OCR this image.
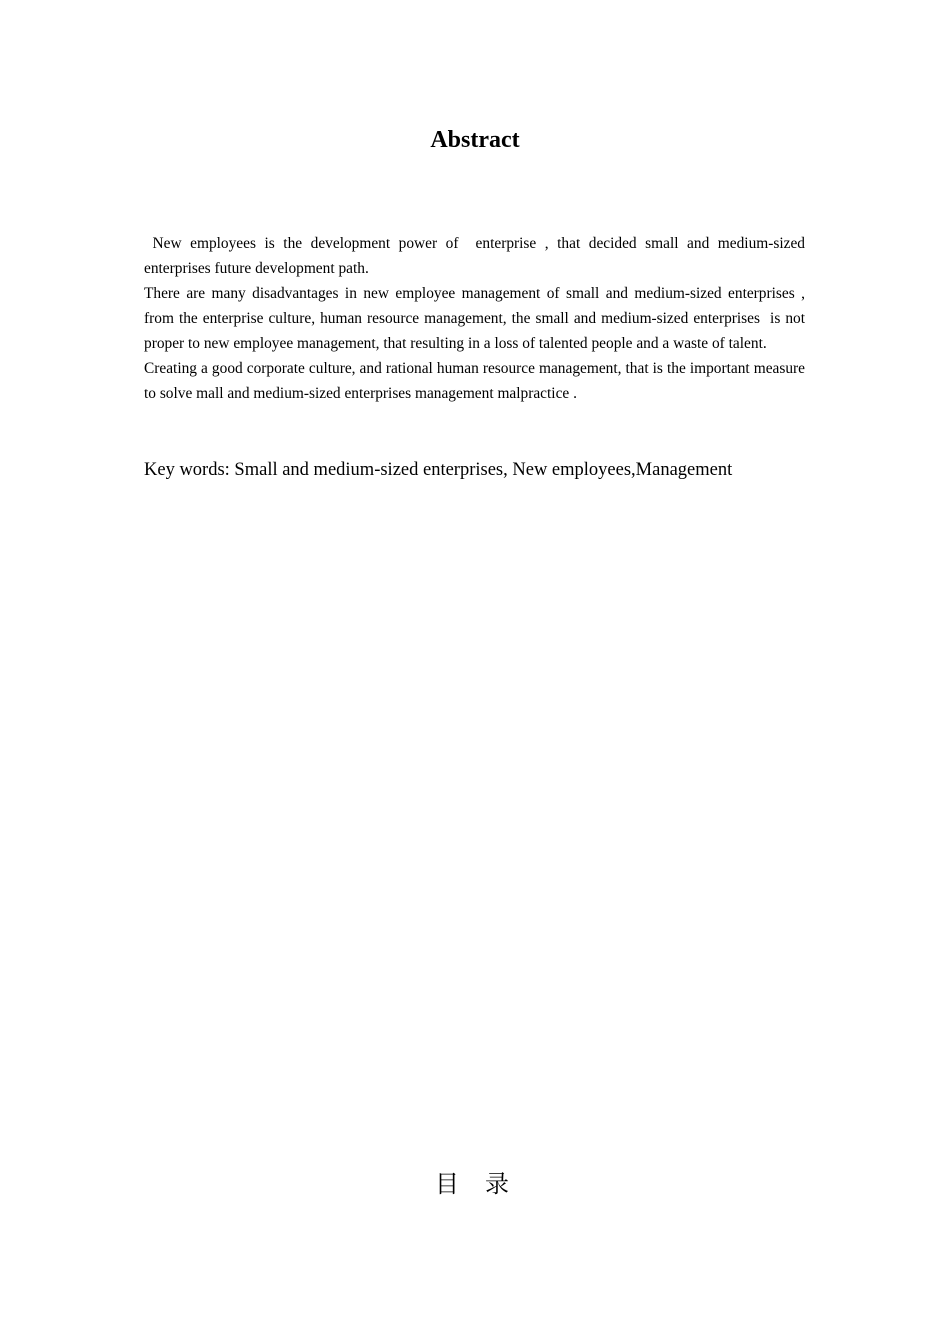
Abstract

New employees is the development power of  enterprise , that decided small and medium-sized enterprises future development path.

There are many disadvantages in new employee management of small and medium-sized enterprises , from the enterprise culture, human resource management, the small and medium-sized enterprises  is not proper to new employee management, that resulting in a loss of talented people and a waste of talent.

Creating a good corporate culture, and rational human resource management, that is the important measure to solve mall and medium-sized enterprises management malpractice .

Key words: Small and medium-sized enterprises, New employees,Management
目 录
